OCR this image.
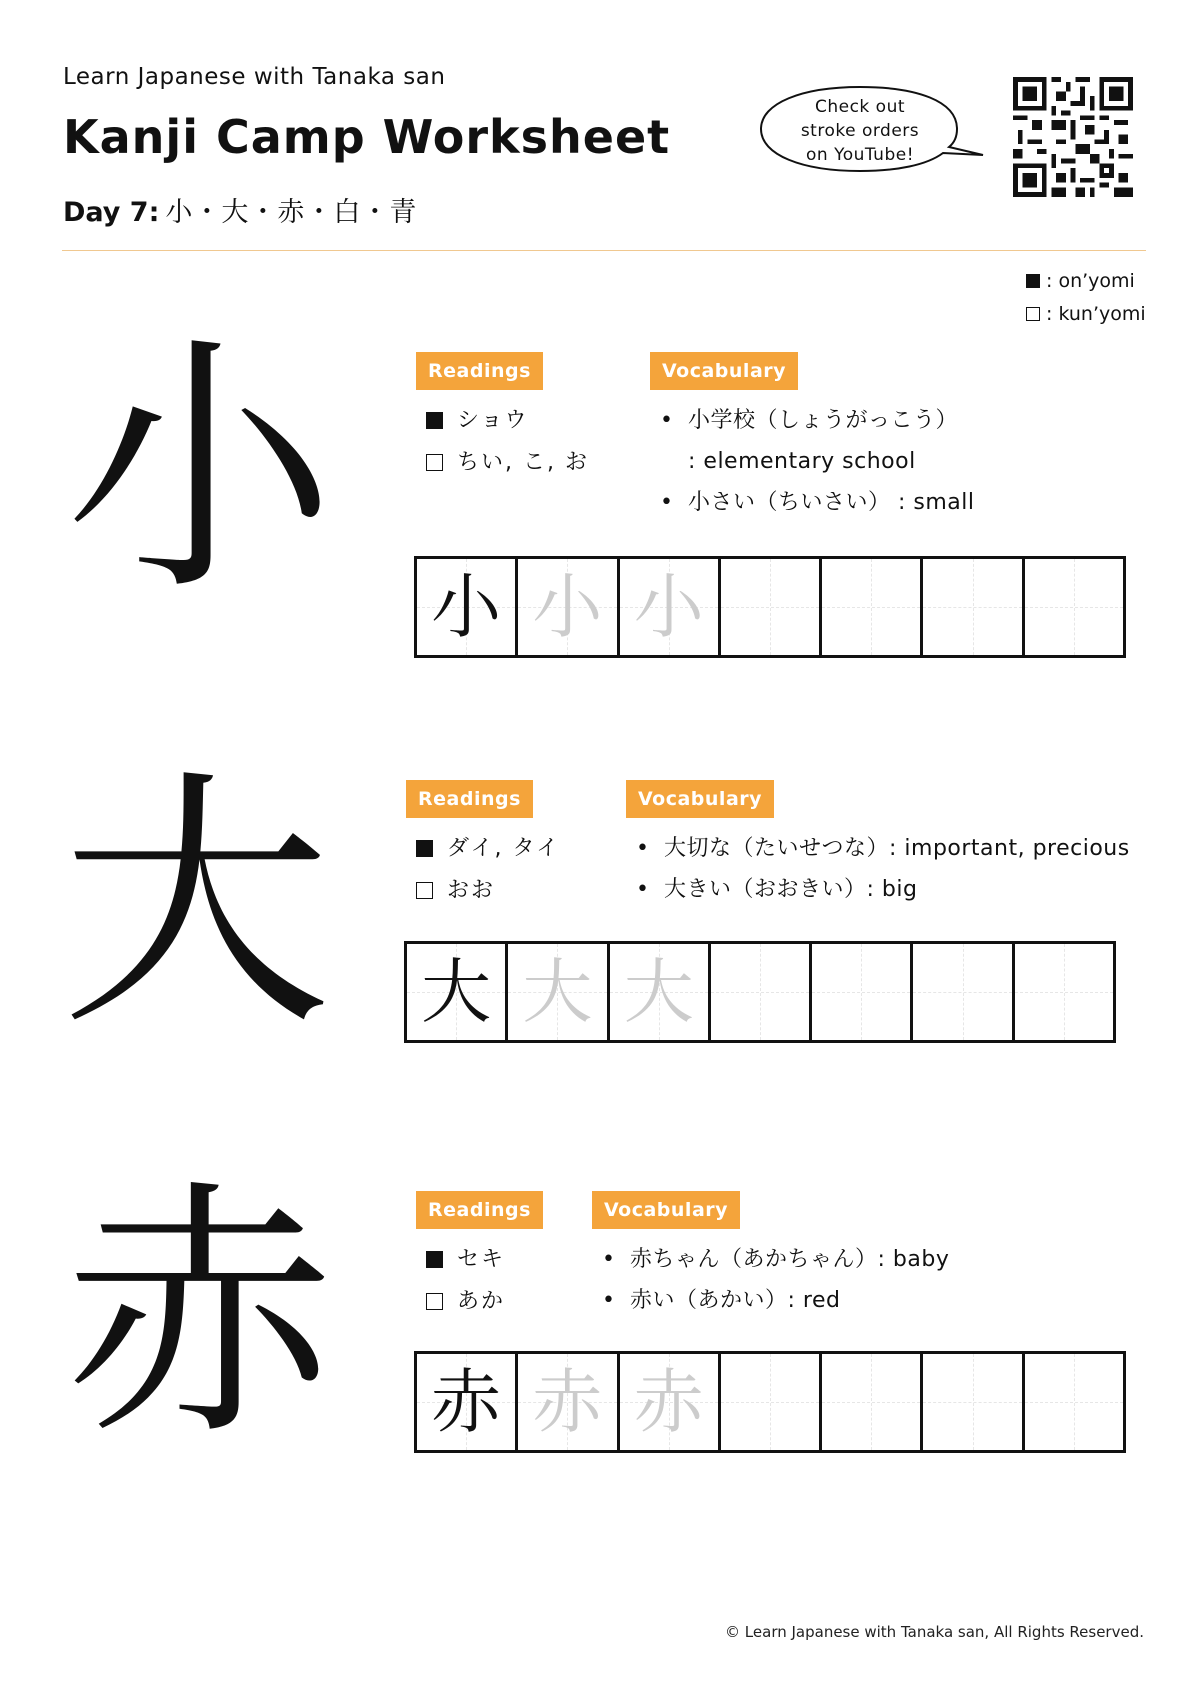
Learn Japanese with Tanaka san
Kanji Camp Worksheet
Day 7: 小・大・赤・白・青
Check out
stroke orders
on YouTube!
: on’yomi
: kun’yomi
小	Readings	Vocabulary
ショウ
ちい, こ, お
• 小学校（しょうがっこう）
: elementary school
• 小さい（ちいさい） : small
小 小 小
大	Readings	Vocabulary
ダイ, タイ
おお
• 大切な（たいせつな）: important, precious
• 大きい（おおきい）: big
大 大 大
赤	Readings	Vocabulary
セキ
あか
• 赤ちゃん（あかちゃん）: baby
• 赤い（あかい）: red
赤 赤 赤
© Learn Japanese with Tanaka san, All Rights Reserved.
